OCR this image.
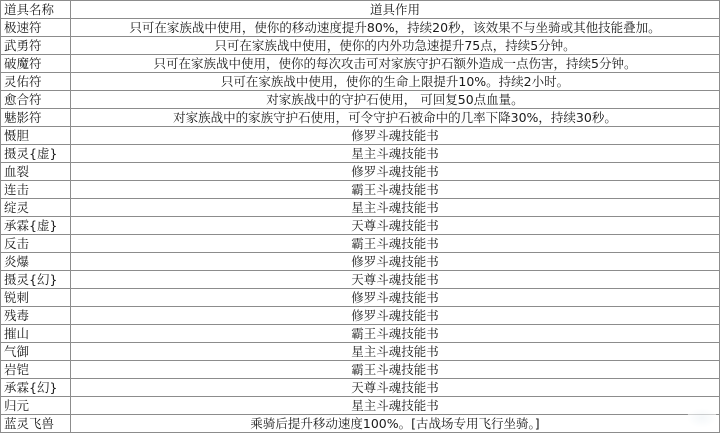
道具名称	道具作用
极速符	只可在家族战中使用，使你的移动速度提升80%，持续20秒，该效果不与坐骑或其他技能叠加。
武勇符	只可在家族战中使用，使你的内外功急速提升75点，持续5分钟。
破魔符	只可在家族战中使用，使你的每次攻击可对家族守护石额外造成一点伤害，持续5分钟。
灵佑符	只可在家族战中使用，使你的生命上限提升10%。持续2小时。
愈合符	对家族战中的守护石使用， 可回复50点血量。
魅影符	对家族战中的家族守护石使用，可令守护石被命中的几率下降30%，持续30秒。
慑胆	修罗斗魂技能书
摄灵{虚}	星主斗魂技能书
血裂	修罗斗魂技能书
连击	霸王斗魂技能书
绽灵	星主斗魂技能书
承霖{虚}	天尊斗魂技能书
反击	霸王斗魂技能书
炎爆	修罗斗魂技能书
摄灵{幻}	天尊斗魂技能书
锐刺	修罗斗魂技能书
残毒	修罗斗魂技能书
摧山	霸王斗魂技能书
气御	星主斗魂技能书
岩铠	霸王斗魂技能书
承霖{幻}	天尊斗魂技能书
归元	星主斗魂技能书
蓝灵飞兽	乘骑后提升移动速度100%。[古战场专用飞行坐骑。]
